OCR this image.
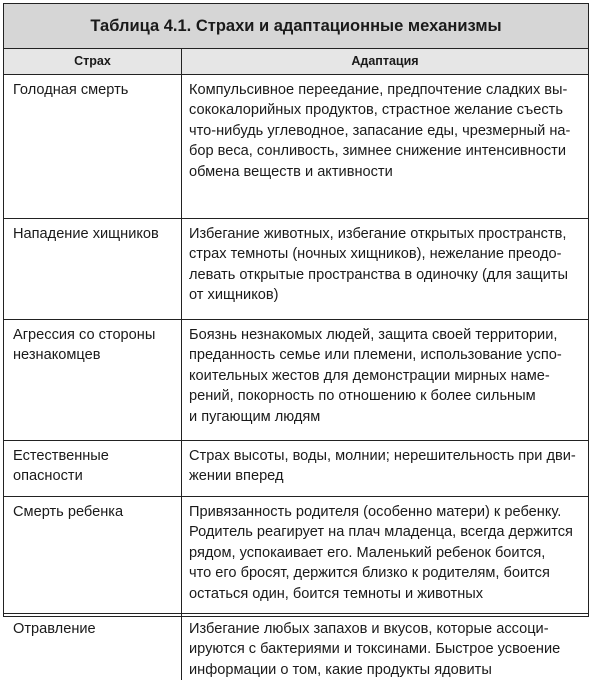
Таблица 4.1. Страхи и адаптационные механизмы
Страх	Адаптация

Голодная смерть	Компульсивное переедание, предпочтение сладких вы-
сококалорийных продуктов, страстное желание съесть
что-нибудь углеводное, запасание еды, чрезмерный на-
бор веса, сонливость, зимнее снижение интенсивности
обмена веществ и активности

Нападение хищников	Избегание животных, избегание открытых пространств,
страх темноты (ночных хищников), нежелание преодо-
левать открытые пространства в одиночку (для защиты
от хищников)

Агрессия со стороны
незнакомцев	Боязнь незнакомых людей, защита своей территории,
преданность семье или племени, использование успо-
коительных жестов для демонстрации мирных наме-
рений, покорность по отношению к более сильным
и пугающим людям

Естественные
опасности	Страх высоты, воды, молнии; нерешительность при дви-
жении вперед

Смерть ребенка	Привязанность родителя (особенно матери) к ребенку.
Родитель реагирует на плач младенца, всегда держится
рядом, успокаивает его. Маленький ребенок боится,
что его бросят, держится близко к родителям, боится
остаться один, боится темноты и животных

Отравление	Избегание любых запахов и вкусов, которые ассоци-
ируются с бактериями и токсинами. Быстрое усвоение
информации о том, какие продукты ядовиты
